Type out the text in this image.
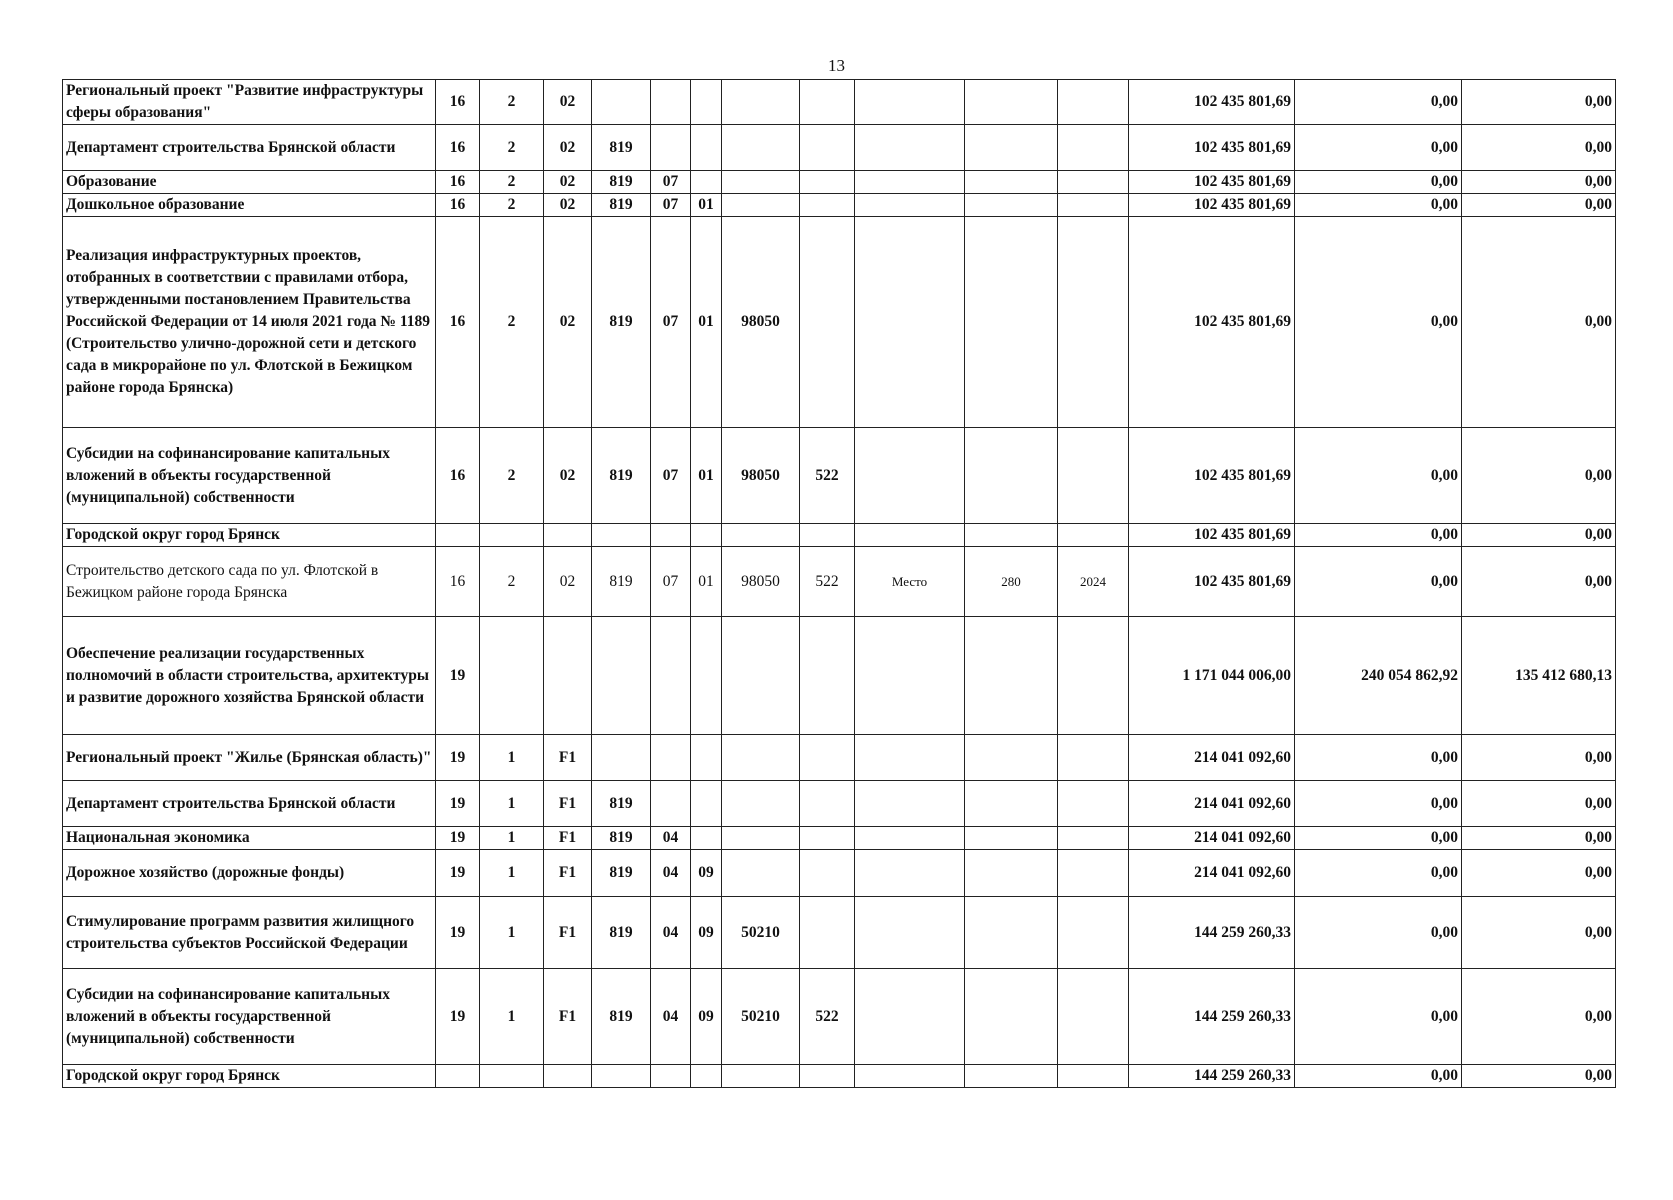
13
Региональный проект "Развитие инфраструктуры сферы образования"	16	2	02									102 435 801,69	0,00	0,00
Департамент строительства Брянской области	16	2	02	819								102 435 801,69	0,00	0,00
Образование	16	2	02	819	07							102 435 801,69	0,00	0,00
Дошкольное образование	16	2	02	819	07	01						102 435 801,69	0,00	0,00
Реализация инфраструктурных проектов, отобранных в соответствии с правилами отбора, утвержденными постановлением Правительства Российской Федерации от 14 июля 2021 года № 1189 (Строительство улично-дорожной сети и детского сада в микрорайоне по ул. Флотской в Бежицком районе города Брянска)	16	2	02	819	07	01	98050					102 435 801,69	0,00	0,00
Субсидии на софинансирование капитальных вложений в объекты государственной (муниципальной) собственности	16	2	02	819	07	01	98050	522				102 435 801,69	0,00	0,00
Городской округ город Брянск												102 435 801,69	0,00	0,00
Строительство детского сада по ул. Флотской в Бежицком районе города Брянска	16	2	02	819	07	01	98050	522	Место	280	2024	102 435 801,69	0,00	0,00
Обеспечение реализации государственных полномочий в области строительства, архитектуры и развитие дорожного хозяйства Брянской области	19											1 171 044 006,00	240 054 862,92	135 412 680,13
Региональный проект "Жилье (Брянская область)"	19	1	F1									214 041 092,60	0,00	0,00
Департамент строительства Брянской области	19	1	F1	819								214 041 092,60	0,00	0,00
Национальная экономика	19	1	F1	819	04							214 041 092,60	0,00	0,00
Дорожное хозяйство (дорожные фонды)	19	1	F1	819	04	09						214 041 092,60	0,00	0,00
Стимулирование программ развития жилищного строительства субъектов Российской Федерации	19	1	F1	819	04	09	50210					144 259 260,33	0,00	0,00
Субсидии на софинансирование капитальных вложений в объекты государственной (муниципальной) собственности	19	1	F1	819	04	09	50210	522				144 259 260,33	0,00	0,00
Городской округ город Брянск												144 259 260,33	0,00	0,00
